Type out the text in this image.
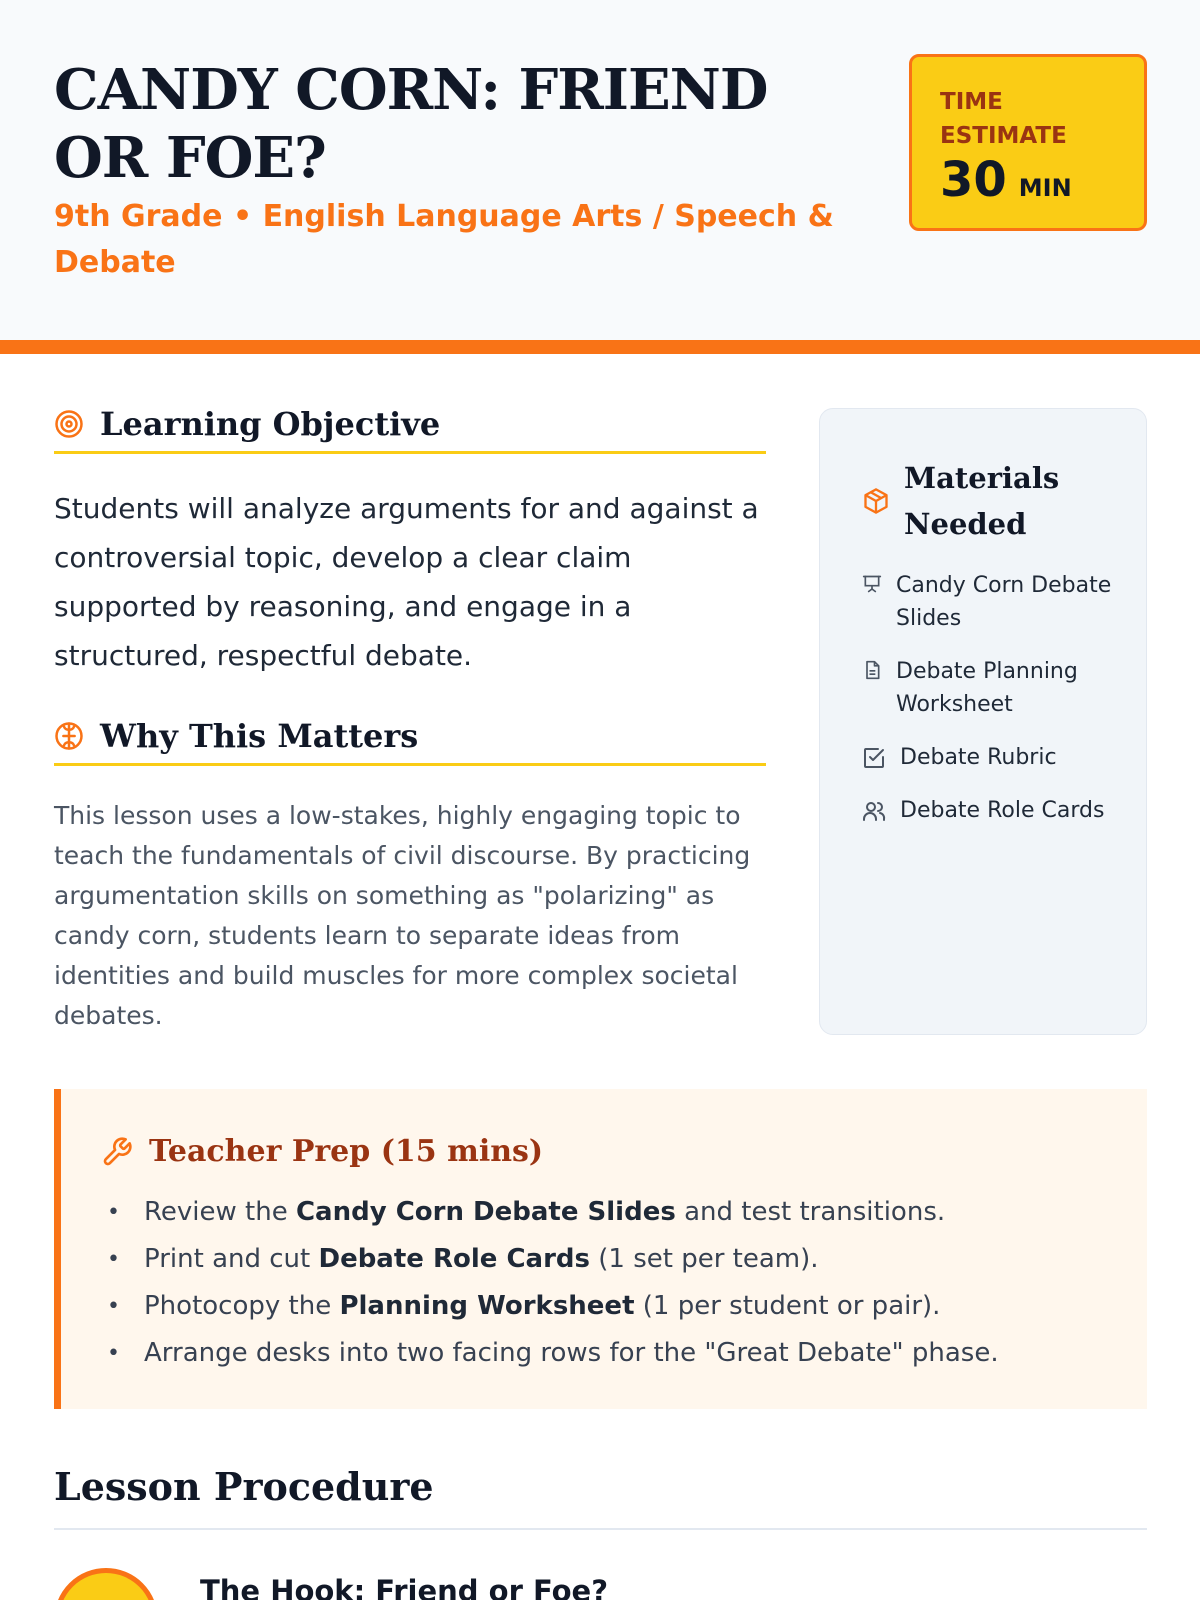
CANDY CORN: FRIEND OR FOE?
9th Grade • English Language Arts / Speech & Debate
TIME ESTIMATE
30 MIN
Learning Objective

Students will analyze arguments for and against a controversial topic, develop a clear claim supported by reasoning, and engage in a structured, respectful debate.

Why This Matters

This lesson uses a low-stakes, highly engaging topic to teach the fundamentals of civil discourse. By practicing argumentation skills on something as "polarizing" as candy corn, students learn to separate ideas from identities and build muscles for more complex societal debates.

Materials Needed
Candy Corn Debate Slides
Debate Planning Worksheet
Debate Rubric
Debate Role Cards
Teacher Prep (15 mins)
• Review the Candy Corn Debate Slides and test transitions.
• Print and cut Debate Role Cards (1 set per team).
• Photocopy the Planning Worksheet (1 per student or pair).
• Arrange desks into two facing rows for the "Great Debate" phase.
Lesson Procedure
The Hook: Friend or Foe?
